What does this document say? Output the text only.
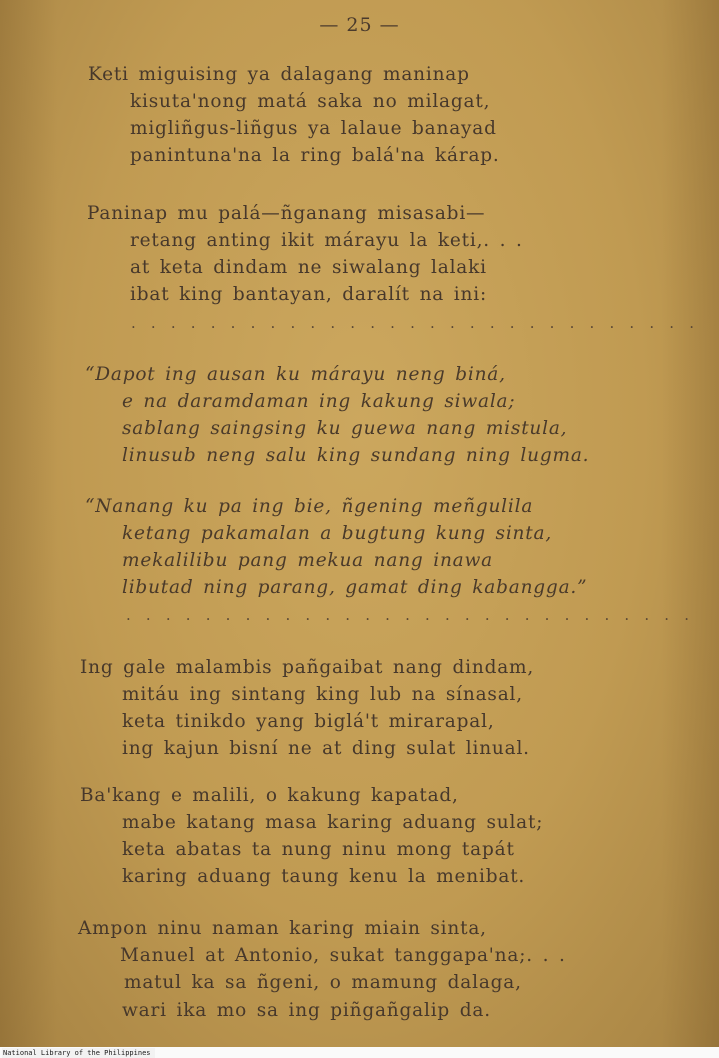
— 25 —
Keti miguising ya dalagang maninap
kisuta'nong matá saka no milagat,
migliñgus-liñgus ya lalaue banayad
panintuna'na la ring balá'na kárap.
Paninap mu palá—ñganang misasabi—
retang anting ikit márayu la keti,. . .
at keta dindam ne siwalang lalaki
ibat king bantayan, daralít na ini:
. . . . . . . . . . . . . . . . . . . . . . . . . . . . .
“Dapot ing ausan ku márayu neng biná,
e na daramdaman ing kakung siwala;
sablang saingsing ku guewa nang mistula,
linusub neng salu king sundang ning lugma.
“Nanang ku pa ing bie, ñgening meñgulila
ketang pakamalan a bugtung kung sinta,
mekalilibu pang mekua nang inawa
libutad ning parang, gamat ding kabangga.”
. . . . . . . . . . . . . . . . . . . . . . . . . . . . .
Ing gale malambis pañgaibat nang dindam,
mitáu ing sintang king lub na sínasal,
keta tinikdo yang biglá't mirarapal,
ing kajun bisní ne at ding sulat linual.
Ba'kang e malili, o kakung kapatad,
mabe katang masa karing aduang sulat;
keta abatas ta nung ninu mong tapát
karing aduang taung kenu la menibat.
Ampon ninu naman karing miain sinta,
Manuel at Antonio, sukat tanggapa'na;. . .
matul ka sa ñgeni, o mamung dalaga,
wari ika mo sa ing piñgañgalip da.
National Library of the Philippines
